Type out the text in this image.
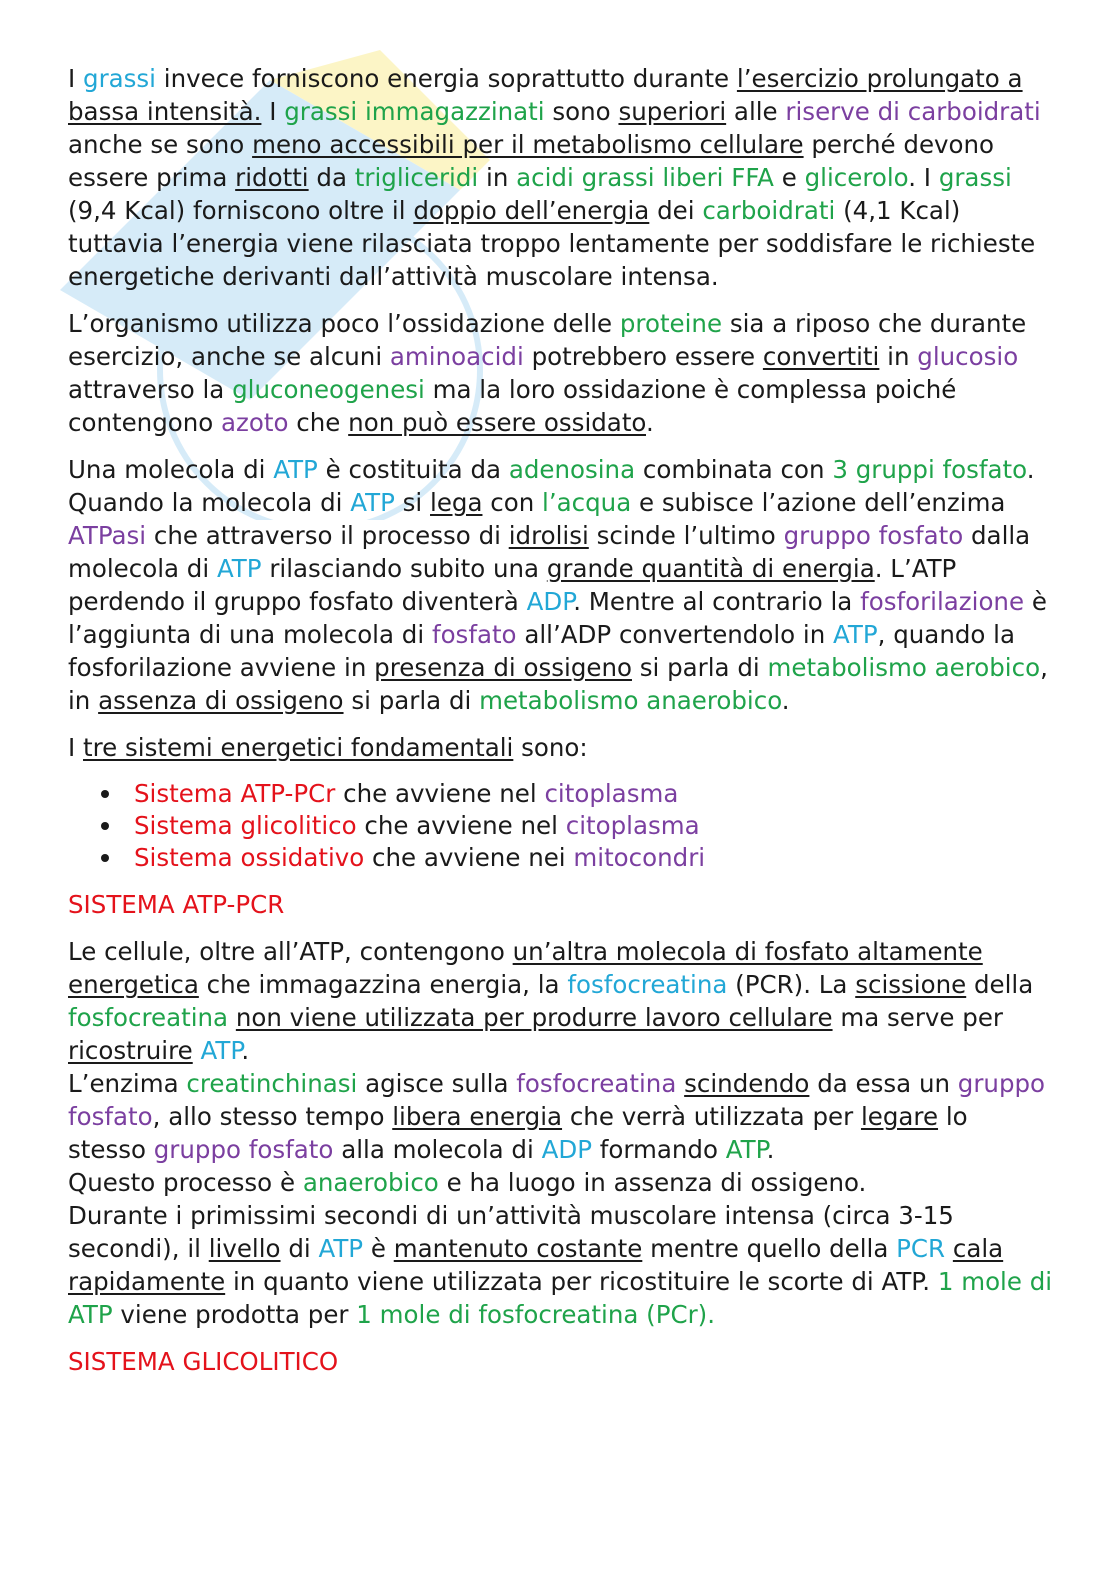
I grassi invece forniscono energia soprattutto durante l’esercizio prolungato a bassa intensità. I grassi immagazzinati sono superiori alle riserve di carboidrati anche se sono meno accessibili per il metabolismo cellulare perché devono essere prima ridotti da trigliceridi in acidi grassi liberi FFA e glicerolo. I grassi (9,4 Kcal) forniscono oltre il doppio dell’energia dei carboidrati (4,1 Kcal) tuttavia l’energia viene rilasciata troppo lentamente per soddisfare le richieste energetiche derivanti dall’attività muscolare intensa.

L’organismo utilizza poco l’ossidazione delle proteine sia a riposo che durante esercizio, anche se alcuni aminoacidi potrebbero essere convertiti in glucosio attraverso la gluconeogenesi ma la loro ossidazione è complessa poiché contengono azoto che non può essere ossidato.

Una molecola di ATP è costituita da adenosina combinata con 3 gruppi fosfato. Quando la molecola di ATP si lega con l’acqua e subisce l’azione dell’enzima ATPasi che attraverso il processo di idrolisi scinde l’ultimo gruppo fosfato dalla molecola di ATP rilasciando subito una grande quantità di energia. L’ATP perdendo il gruppo fosfato diventerà ADP. Mentre al contrario la fosforilazione è l’aggiunta di una molecola di fosfato all’ADP convertendolo in ATP, quando la fosforilazione avviene in presenza di ossigeno si parla di metabolismo aerobico, in assenza di ossigeno si parla di metabolismo anaerobico.

I tre sistemi energetici fondamentali sono:

Sistema ATP-PCr che avviene nel citoplasma
Sistema glicolitico che avviene nel citoplasma
Sistema ossidativo che avviene nei mitocondri

SISTEMA ATP-PCR

Le cellule, oltre all’ATP, contengono un’altra molecola di fosfato altamente energetica che immagazzina energia, la fosfocreatina (PCR). La scissione della fosfocreatina non viene utilizzata per produrre lavoro cellulare ma serve per ricostruire ATP.
L’enzima creatinchinasi agisce sulla fosfocreatina scindendo da essa un gruppo fosfato, allo stesso tempo libera energia che verrà utilizzata per legare lo stesso gruppo fosfato alla molecola di ADP formando ATP.
Questo processo è anaerobico e ha luogo in assenza di ossigeno.
Durante i primissimi secondi di un’attività muscolare intensa (circa 3-15 secondi), il livello di ATP è mantenuto costante mentre quello della PCR cala rapidamente in quanto viene utilizzata per ricostituire le scorte di ATP. 1 mole di ATP viene prodotta per 1 mole di fosfocreatina (PCr).

SISTEMA GLICOLITICO
